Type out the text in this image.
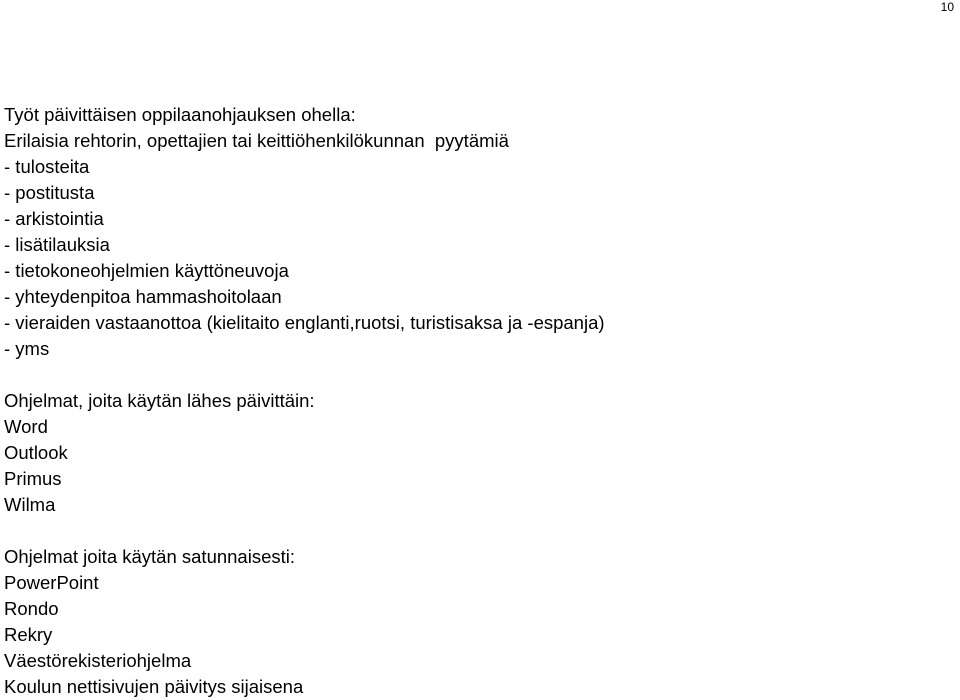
10
Työt päivittäisen oppilaanohjauksen ohella:
Erilaisia rehtorin, opettajien tai keittiöhenkilökunnan  pyytämiä
- tulosteita
- postitusta
- arkistointia
- lisätilauksia
- tietokoneohjelmien käyttöneuvoja
- yhteydenpitoa hammashoitolaan
- vieraiden vastaanottoa (kielitaito englanti,ruotsi, turistisaksa ja -espanja)
- yms
Ohjelmat, joita käytän lähes päivittäin:
Word
Outlook
Primus
Wilma
Ohjelmat joita käytän satunnaisesti:
PowerPoint
Rondo
Rekry
Väestörekisteriohjelma
Koulun nettisivujen päivitys sijaisena
